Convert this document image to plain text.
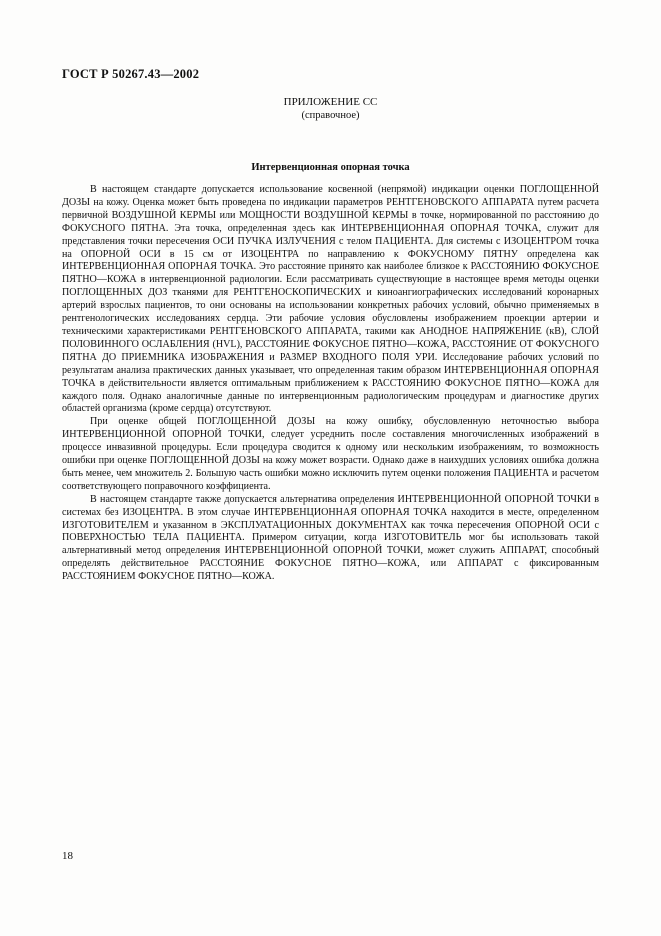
ГОСТ Р 50267.43—2002
ПРИЛОЖЕНИЕ СС
(справочное)
Интервенционная опорная точка

В настоящем стандарте допускается использование косвенной (непрямой) индикации оценки ПОГЛОЩЕННОЙ ДОЗЫ на кожу. Оценка может быть проведена по индикации параметров РЕНТГЕНОВСКОГО АППАРАТА путем расчета первичной ВОЗДУШНОЙ КЕРМЫ или МОЩНОСТИ ВОЗДУШНОЙ КЕРМЫ в точке, нормированной по расстоянию до ФОКУСНОГО ПЯТНА. Эта точка, определенная здесь как ИНТЕРВЕНЦИОННАЯ ОПОРНАЯ ТОЧКА, служит для представления точки пересечения ОСИ ПУЧКА ИЗЛУЧЕНИЯ с телом ПАЦИЕНТА. Для системы с ИЗОЦЕНТРОМ точка на ОПОРНОЙ ОСИ в 15 см от ИЗОЦЕНТРА по направлению к ФОКУСНОМУ ПЯТНУ определена как ИНТЕРВЕНЦИОННАЯ ОПОРНАЯ ТОЧКА. Это расстояние принято как наиболее близкое к РАССТОЯНИЮ ФОКУСНОЕ ПЯТНО—КОЖА в интервенционной радиологии. Если рассматривать существующие в настоящее время методы оценки ПОГЛОЩЕННЫХ ДОЗ тканями для РЕНТГЕНОСКОПИЧЕСКИХ и киноангиографических исследований коронарных артерий взрослых пациентов, то они основаны на использовании конкретных рабочих условий, обычно применяемых в рентгенологических исследованиях сердца. Эти рабочие условия обусловлены изображением проекции артерии и техническими характеристиками РЕНТГЕНОВСКОГО АППАРАТА, такими как АНОДНОЕ НАПРЯЖЕНИЕ (кВ), СЛОЙ ПОЛОВИННОГО ОСЛАБЛЕНИЯ (HVL), РАССТОЯНИЕ ФОКУСНОЕ ПЯТНО—КОЖА, РАССТОЯНИЕ ОТ ФОКУСНОГО ПЯТНА ДО ПРИЕМНИКА ИЗОБРАЖЕНИЯ и РАЗМЕР ВХОДНОГО ПОЛЯ УРИ. Исследование рабочих условий по результатам анализа практических данных указывает, что определенная таким образом ИНТЕРВЕНЦИОННАЯ ОПОРНАЯ ТОЧКА в действительности является оптимальным приближением к РАССТОЯНИЮ ФОКУСНОЕ ПЯТНО—КОЖА для каждого поля. Однако аналогичные данные по интервенционным радиологическим процедурам и диагностике других областей организма (кроме сердца) отсутствуют.

При оценке общей ПОГЛОЩЕННОЙ ДОЗЫ на кожу ошибку, обусловленную неточностью выбора ИНТЕРВЕНЦИОННОЙ ОПОРНОЙ ТОЧКИ, следует усреднить после составления многочисленных изображений в процессе инвазивной процедуры. Если процедура сводится к одному или нескольким изображениям, то возможность ошибки при оценке ПОГЛОЩЕННОЙ ДОЗЫ на кожу может возрасти. Однако даже в наихудших условиях ошибка должна быть менее, чем множитель 2. Большую часть ошибки можно исключить путем оценки положения ПАЦИЕНТА и расчетом соответствующего поправочного коэффициента.

В настоящем стандарте также допускается альтернатива определения ИНТЕРВЕНЦИОННОЙ ОПОРНОЙ ТОЧКИ в системах без ИЗОЦЕНТРА. В этом случае ИНТЕРВЕНЦИОННАЯ ОПОРНАЯ ТОЧКА находится в месте, определенном ИЗГОТОВИТЕЛЕМ и указанном в ЭКСПЛУАТАЦИОННЫХ ДОКУМЕНТАХ как точка пересечения ОПОРНОЙ ОСИ с ПОВЕРХНОСТЬЮ ТЕЛА ПАЦИЕНТА. Примером ситуации, когда ИЗГОТОВИТЕЛЬ мог бы использовать такой альтернативный метод определения ИНТЕРВЕНЦИОННОЙ ОПОРНОЙ ТОЧКИ, может служить АППАРАТ, способный определять действительное РАССТОЯНИЕ ФОКУСНОЕ ПЯТНО—КОЖА, или АППАРАТ с фиксированным РАССТОЯНИЕМ ФОКУСНОЕ ПЯТНО—КОЖА.

18
